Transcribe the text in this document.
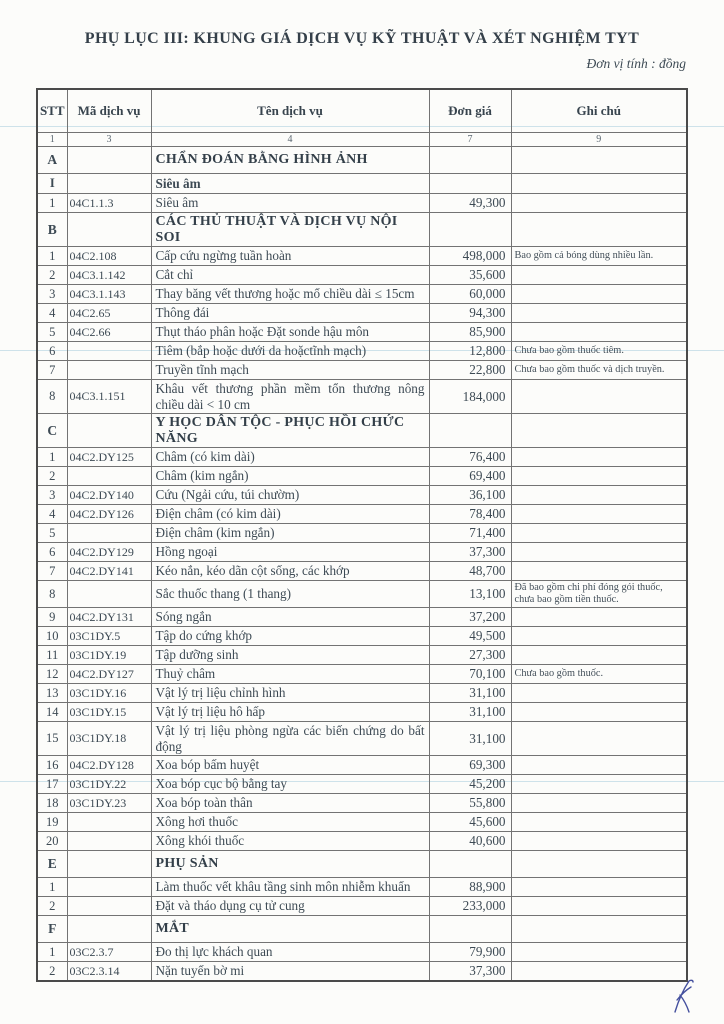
PHỤ LỤC III: KHUNG GIÁ DỊCH VỤ KỸ THUẬT VÀ XÉT NGHIỆM TYT
Đơn vị tính : đồng
STT	Mã dịch vụ	Tên dịch vụ	Đơn giá	Ghi chú
1	3	4	7	9
A		CHẨN ĐOÁN BẰNG HÌNH ẢNH		
I		Siêu âm		
1	04C1.1.3	Siêu âm	49,300	
B		CÁC THỦ THUẬT VÀ DỊCH VỤ NỘI SOI		
1	04C2.108	Cấp cứu ngừng tuần hoàn	498,000	Bao gồm cả bóng dùng nhiều lần.
2	04C3.1.142	Cắt chỉ	35,600	
3	04C3.1.143	Thay băng vết thương hoặc mổ chiều dài ≤ 15cm	60,000	
4	04C2.65	Thông đái	94,300	
5	04C2.66	Thụt tháo phân hoặc Đặt sonde hậu môn	85,900	
6		Tiêm (bắp hoặc dưới da hoặctĩnh mạch)	12,800	Chưa bao gồm thuốc tiêm.
7		Truyền tĩnh mạch	22,800	Chưa bao gồm thuốc và dịch truyền.
8	04C3.1.151	Khâu vết thương phần mềm tổn thương nông chiều dài < 10 cm	184,000	
C		Y HỌC DÂN TỘC - PHỤC HỒI CHỨC NĂNG		
1	04C2.DY125	Châm (có kim dài)	76,400	
2		Châm (kim ngắn)	69,400	
3	04C2.DY140	Cứu (Ngải cứu, túi chườm)	36,100	
4	04C2.DY126	Điện châm (có kim dài)	78,400	
5		Điện châm (kim ngắn)	71,400	
6	04C2.DY129	Hồng ngoại	37,300	
7	04C2.DY141	Kéo nắn, kéo dãn cột sống, các khớp	48,700	
8		Sắc thuốc thang (1 thang)	13,100	Đã bao gồm chi phí đóng gói thuốc, chưa bao gồm tiền thuốc.
9	04C2.DY131	Sóng ngắn	37,200	
10	03C1DY.5	Tập do cứng khớp	49,500	
11	03C1DY.19	Tập dưỡng sinh	27,300	
12	04C2.DY127	Thuỷ châm	70,100	Chưa bao gồm thuốc.
13	03C1DY.16	Vật lý trị liệu chỉnh hình	31,100	
14	03C1DY.15	Vật lý trị liệu hô hấp	31,100	
15	03C1DY.18	Vật lý trị liệu phòng ngừa các biến chứng do bất động	31,100	
16	04C2.DY128	Xoa bóp bấm huyệt	69,300	
17	03C1DY.22	Xoa bóp cục bộ bằng tay	45,200	
18	03C1DY.23	Xoa bóp toàn thân	55,800	
19		Xông hơi thuốc	45,600	
20		Xông khói thuốc	40,600	
E		PHỤ SẢN		
1		Làm thuốc vết khâu tầng sinh môn nhiễm khuẩn	88,900	
2		Đặt và tháo dụng cụ tử cung	233,000	
F		MẮT		
1	03C2.3.7	Đo thị lực khách quan	79,900	
2	03C2.3.14	Nặn tuyến bờ mi	37,300	
